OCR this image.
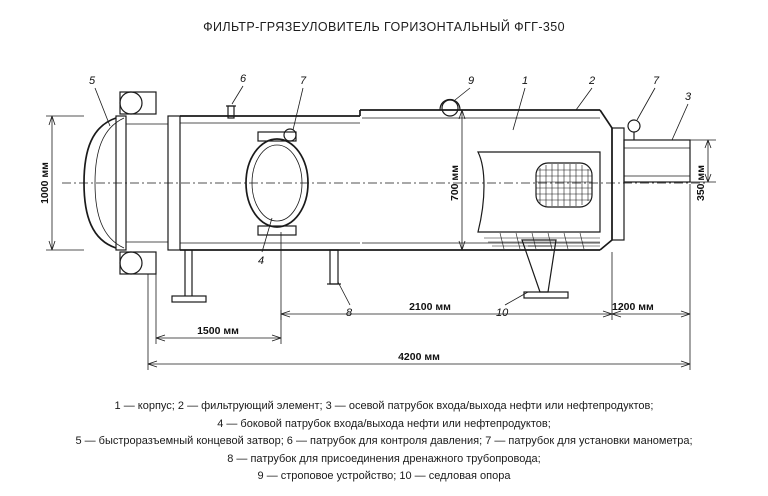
ФИЛЬТР-ГРЯЗЕУЛОВИТЕЛЬ ГОРИЗОНТАЛЬНЫЙ ФГГ-350
5	6	7	9	1	2	7
3
4
8	10
1000 мм	700 мм	350 мм
1500 мм
2100 мм	1200 мм
4200 мм
1 — корпус; 2 — фильтрующий элемент; 3 — осевой патрубок входа/выхода нефти или нефтепродуктов;
4 — боковой патрубок входа/выхода нефти или нефтепродуктов;
5 — быстроразъемный концевой затвор; 6 — патрубок для контроля давления; 7 — патрубок для установки манометра;
8 — патрубок для присоединения дренажного трубопровода;
9 — строповое устройство; 10 — седловая опора
